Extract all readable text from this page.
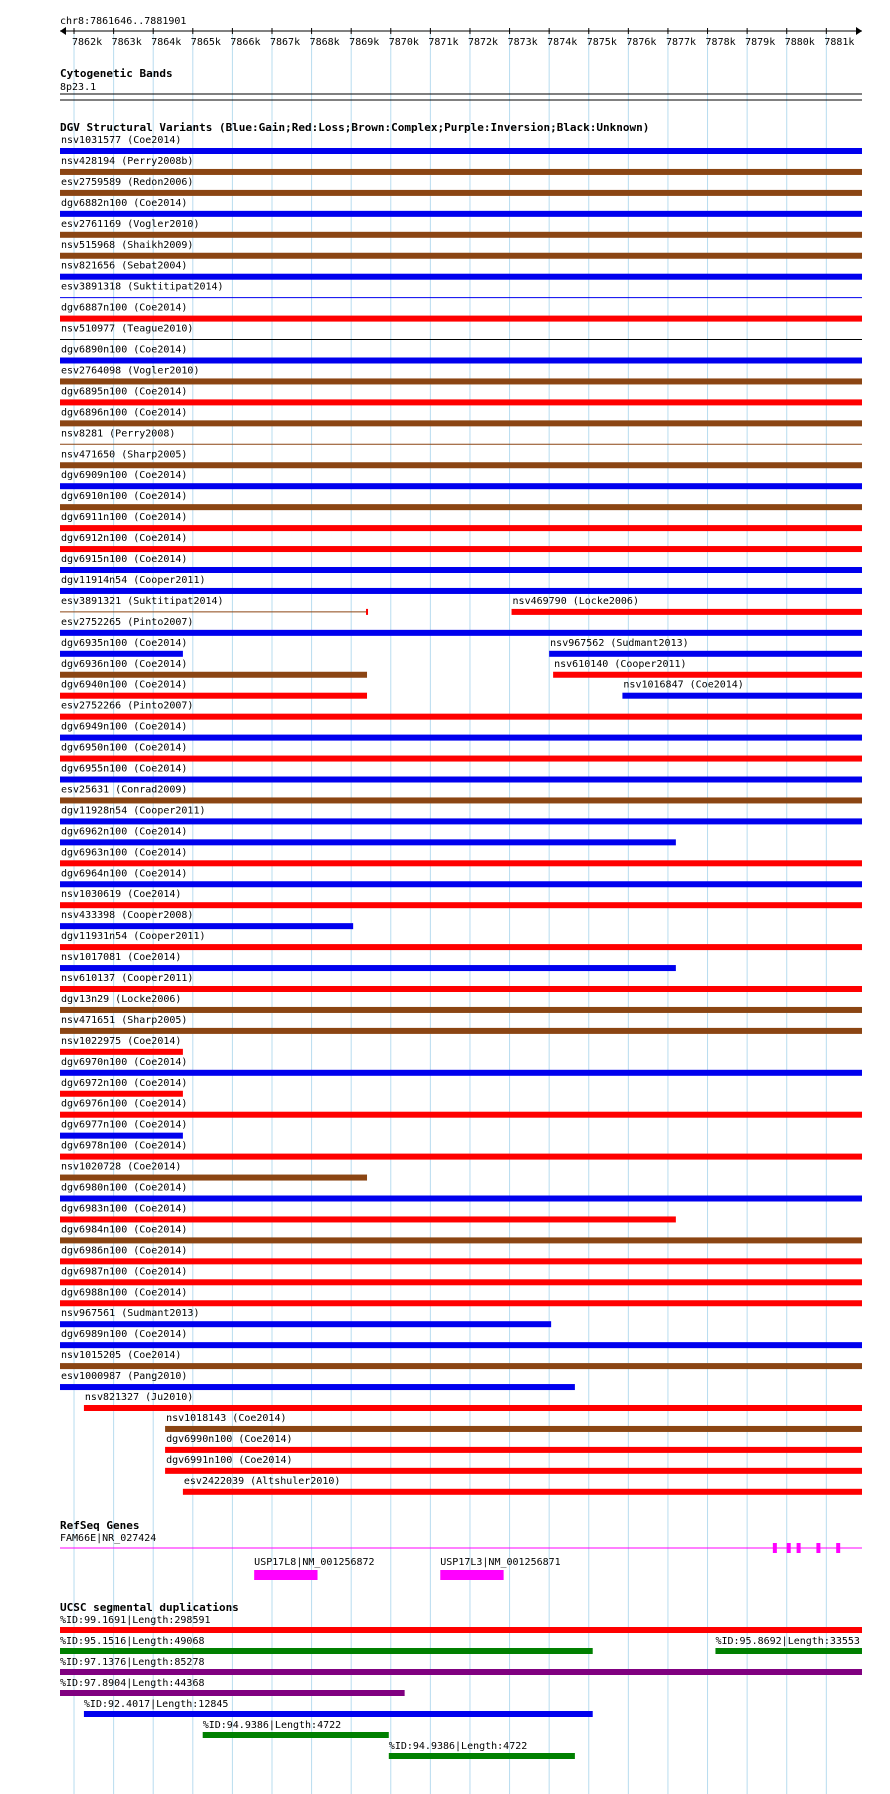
chr8:7861646..7881901
7862k 7863k 7864k 7865k 7866k 7867k 7868k 7869k 7870k 7871k 7872k 7873k 7874k 7875k 7876k 7877k 7878k 7879k 7880k 7881k
Cytogenetic Bands
8p23.1
DGV Structural Variants (Blue:Gain;Red:Loss;Brown:Complex;Purple:Inversion;Black:Unknown)
nsv1031577 (Coe2014)
nsv428194 (Perry2008b)
esv2759589 (Redon2006)
dgv6882n100 (Coe2014)
esv2761169 (Vogler2010)
nsv515968 (Shaikh2009)
nsv821656 (Sebat2004)
esv3891318 (Suktitipat2014)
dgv6887n100 (Coe2014)
nsv510977 (Teague2010)
dgv6890n100 (Coe2014)
esv2764098 (Vogler2010)
dgv6895n100 (Coe2014)
dgv6896n100 (Coe2014)
nsv8281 (Perry2008)
nsv471650 (Sharp2005)
dgv6909n100 (Coe2014)
dgv6910n100 (Coe2014)
dgv6911n100 (Coe2014)
dgv6912n100 (Coe2014)
dgv6915n100 (Coe2014)
dgv11914n54 (Cooper2011)
esv3891321 (Suktitipat2014)	nsv469790 (Locke2006)
esv2752265 (Pinto2007)
dgv6935n100 (Coe2014)	nsv967562 (Sudmant2013)
dgv6936n100 (Coe2014)	nsv610140 (Cooper2011)
dgv6940n100 (Coe2014)	nsv1016847 (Coe2014)
esv2752266 (Pinto2007)
dgv6949n100 (Coe2014)
dgv6950n100 (Coe2014)
dgv6955n100 (Coe2014)
esv25631 (Conrad2009)
dgv11928n54 (Cooper2011)
dgv6962n100 (Coe2014)
dgv6963n100 (Coe2014)
dgv6964n100 (Coe2014)
nsv1030619 (Coe2014)
nsv433398 (Cooper2008)
dgv11931n54 (Cooper2011)
nsv1017081 (Coe2014)
nsv610137 (Cooper2011)
dgv13n29 (Locke2006)
nsv471651 (Sharp2005)
nsv1022975 (Coe2014)
dgv6970n100 (Coe2014)
dgv6972n100 (Coe2014)
dgv6976n100 (Coe2014)
dgv6977n100 (Coe2014)
dgv6978n100 (Coe2014)
nsv1020728 (Coe2014)
dgv6980n100 (Coe2014)
dgv6983n100 (Coe2014)
dgv6984n100 (Coe2014)
dgv6986n100 (Coe2014)
dgv6987n100 (Coe2014)
dgv6988n100 (Coe2014)
nsv967561 (Sudmant2013)
dgv6989n100 (Coe2014)
nsv1015205 (Coe2014)
esv1000987 (Pang2010)
nsv821327 (Ju2010)
nsv1018143 (Coe2014)
dgv6990n100 (Coe2014)
dgv6991n100 (Coe2014)
esv2422039 (Altshuler2010)
RefSeq Genes
FAM66E|NR_027424
USP17L8|NM_001256872	USP17L3|NM_001256871
UCSC segmental duplications
%ID:99.1691|Length:298591
%ID:95.1516|Length:49068	%ID:95.8692|Length:33553
%ID:97.1376|Length:85278
%ID:97.8904|Length:44368
%ID:92.4017|Length:12845
%ID:94.9386|Length:4722
%ID:94.9386|Length:4722
